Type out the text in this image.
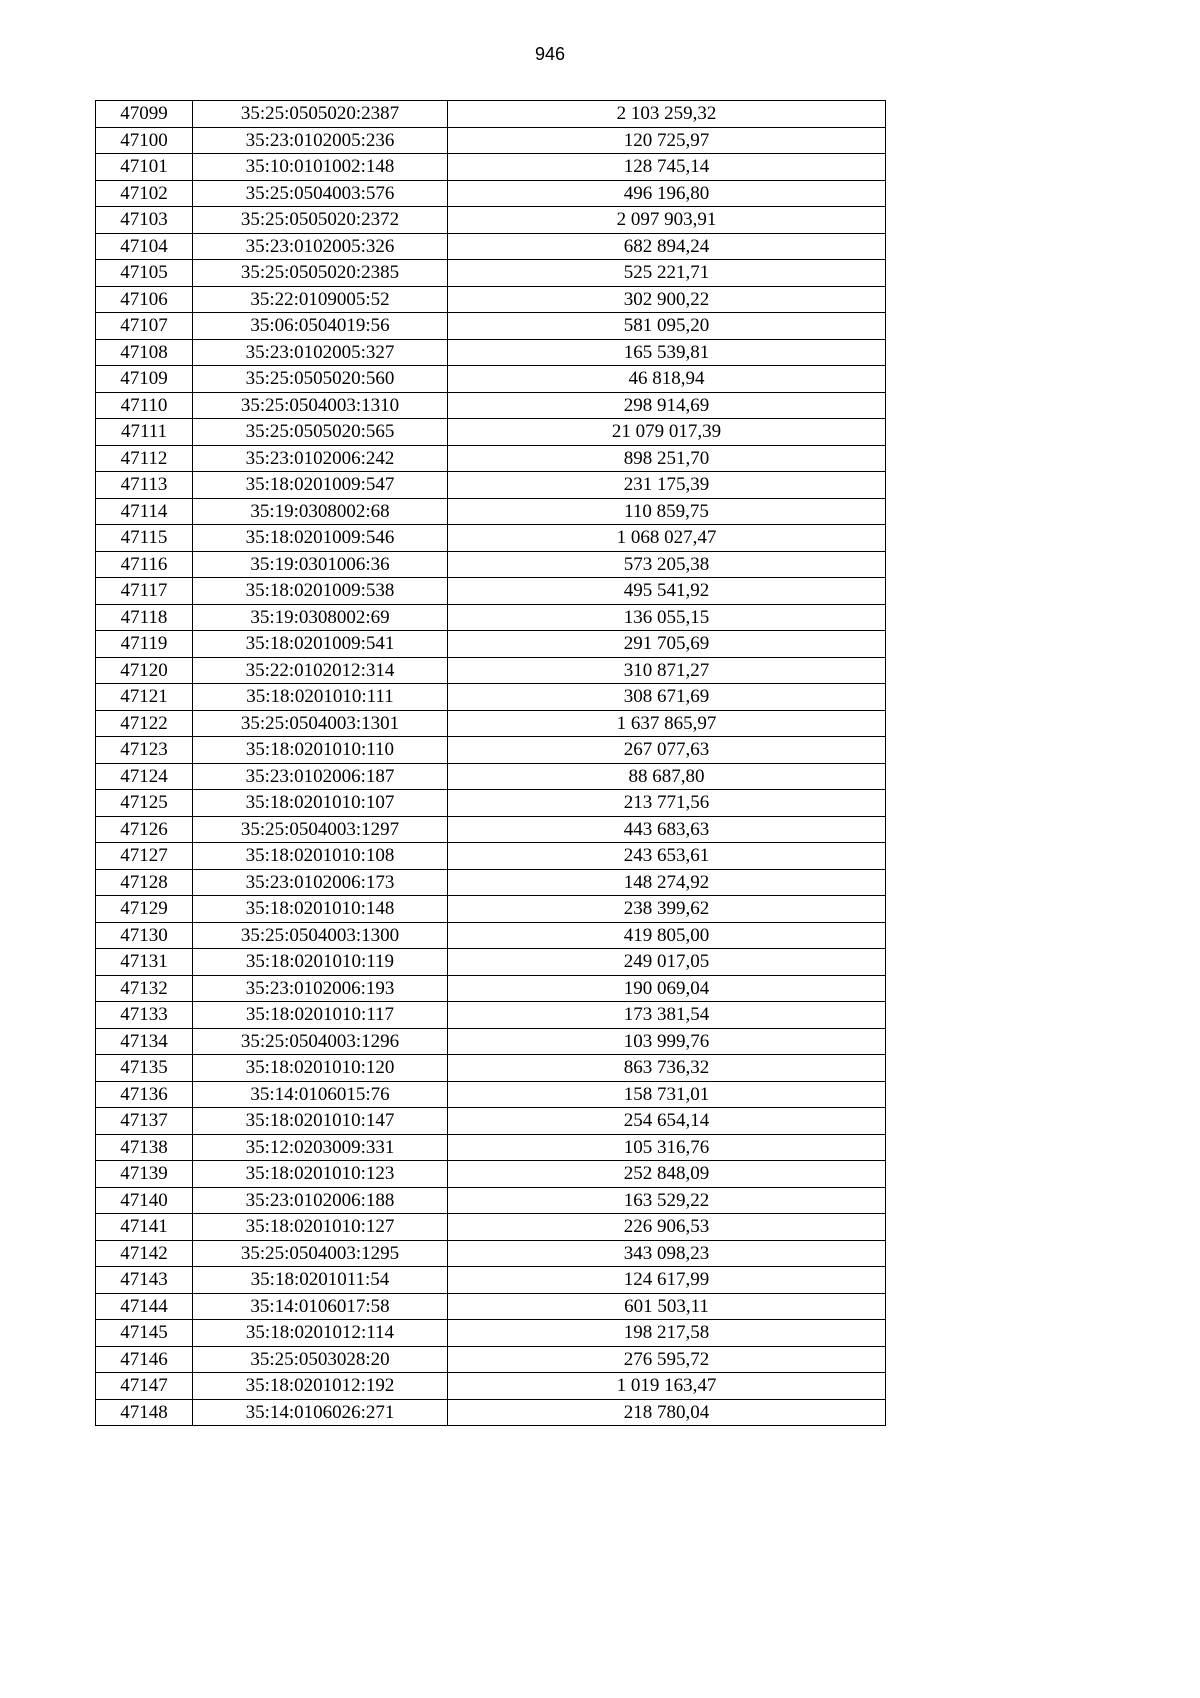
946
47099	35:25:0505020:2387	2 103 259,32
47100	35:23:0102005:236	120 725,97
47101	35:10:0101002:148	128 745,14
47102	35:25:0504003:576	496 196,80
47103	35:25:0505020:2372	2 097 903,91
47104	35:23:0102005:326	682 894,24
47105	35:25:0505020:2385	525 221,71
47106	35:22:0109005:52	302 900,22
47107	35:06:0504019:56	581 095,20
47108	35:23:0102005:327	165 539,81
47109	35:25:0505020:560	46 818,94
47110	35:25:0504003:1310	298 914,69
47111	35:25:0505020:565	21 079 017,39
47112	35:23:0102006:242	898 251,70
47113	35:18:0201009:547	231 175,39
47114	35:19:0308002:68	110 859,75
47115	35:18:0201009:546	1 068 027,47
47116	35:19:0301006:36	573 205,38
47117	35:18:0201009:538	495 541,92
47118	35:19:0308002:69	136 055,15
47119	35:18:0201009:541	291 705,69
47120	35:22:0102012:314	310 871,27
47121	35:18:0201010:111	308 671,69
47122	35:25:0504003:1301	1 637 865,97
47123	35:18:0201010:110	267 077,63
47124	35:23:0102006:187	88 687,80
47125	35:18:0201010:107	213 771,56
47126	35:25:0504003:1297	443 683,63
47127	35:18:0201010:108	243 653,61
47128	35:23:0102006:173	148 274,92
47129	35:18:0201010:148	238 399,62
47130	35:25:0504003:1300	419 805,00
47131	35:18:0201010:119	249 017,05
47132	35:23:0102006:193	190 069,04
47133	35:18:0201010:117	173 381,54
47134	35:25:0504003:1296	103 999,76
47135	35:18:0201010:120	863 736,32
47136	35:14:0106015:76	158 731,01
47137	35:18:0201010:147	254 654,14
47138	35:12:0203009:331	105 316,76
47139	35:18:0201010:123	252 848,09
47140	35:23:0102006:188	163 529,22
47141	35:18:0201010:127	226 906,53
47142	35:25:0504003:1295	343 098,23
47143	35:18:0201011:54	124 617,99
47144	35:14:0106017:58	601 503,11
47145	35:18:0201012:114	198 217,58
47146	35:25:0503028:20	276 595,72
47147	35:18:0201012:192	1 019 163,47
47148	35:14:0106026:271	218 780,04
